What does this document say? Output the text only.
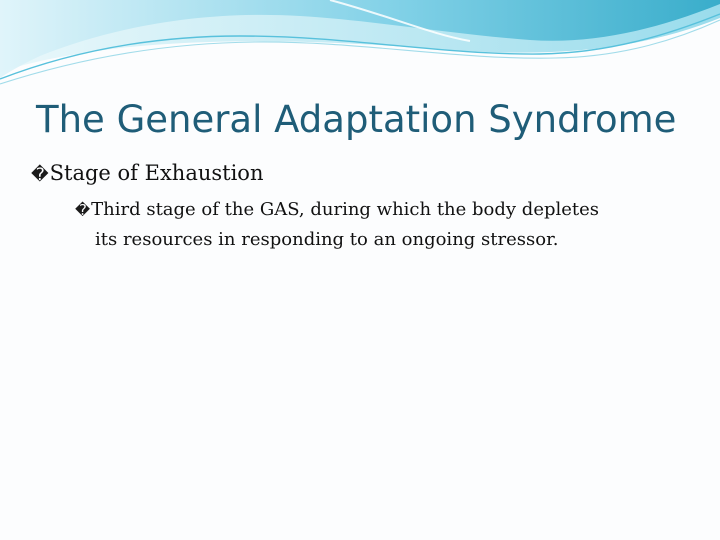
The General Adaptation Syndrome
�Stage of Exhaustion
�Third stage of the GAS, during which the body depletes
its resources in responding to an ongoing stressor.
